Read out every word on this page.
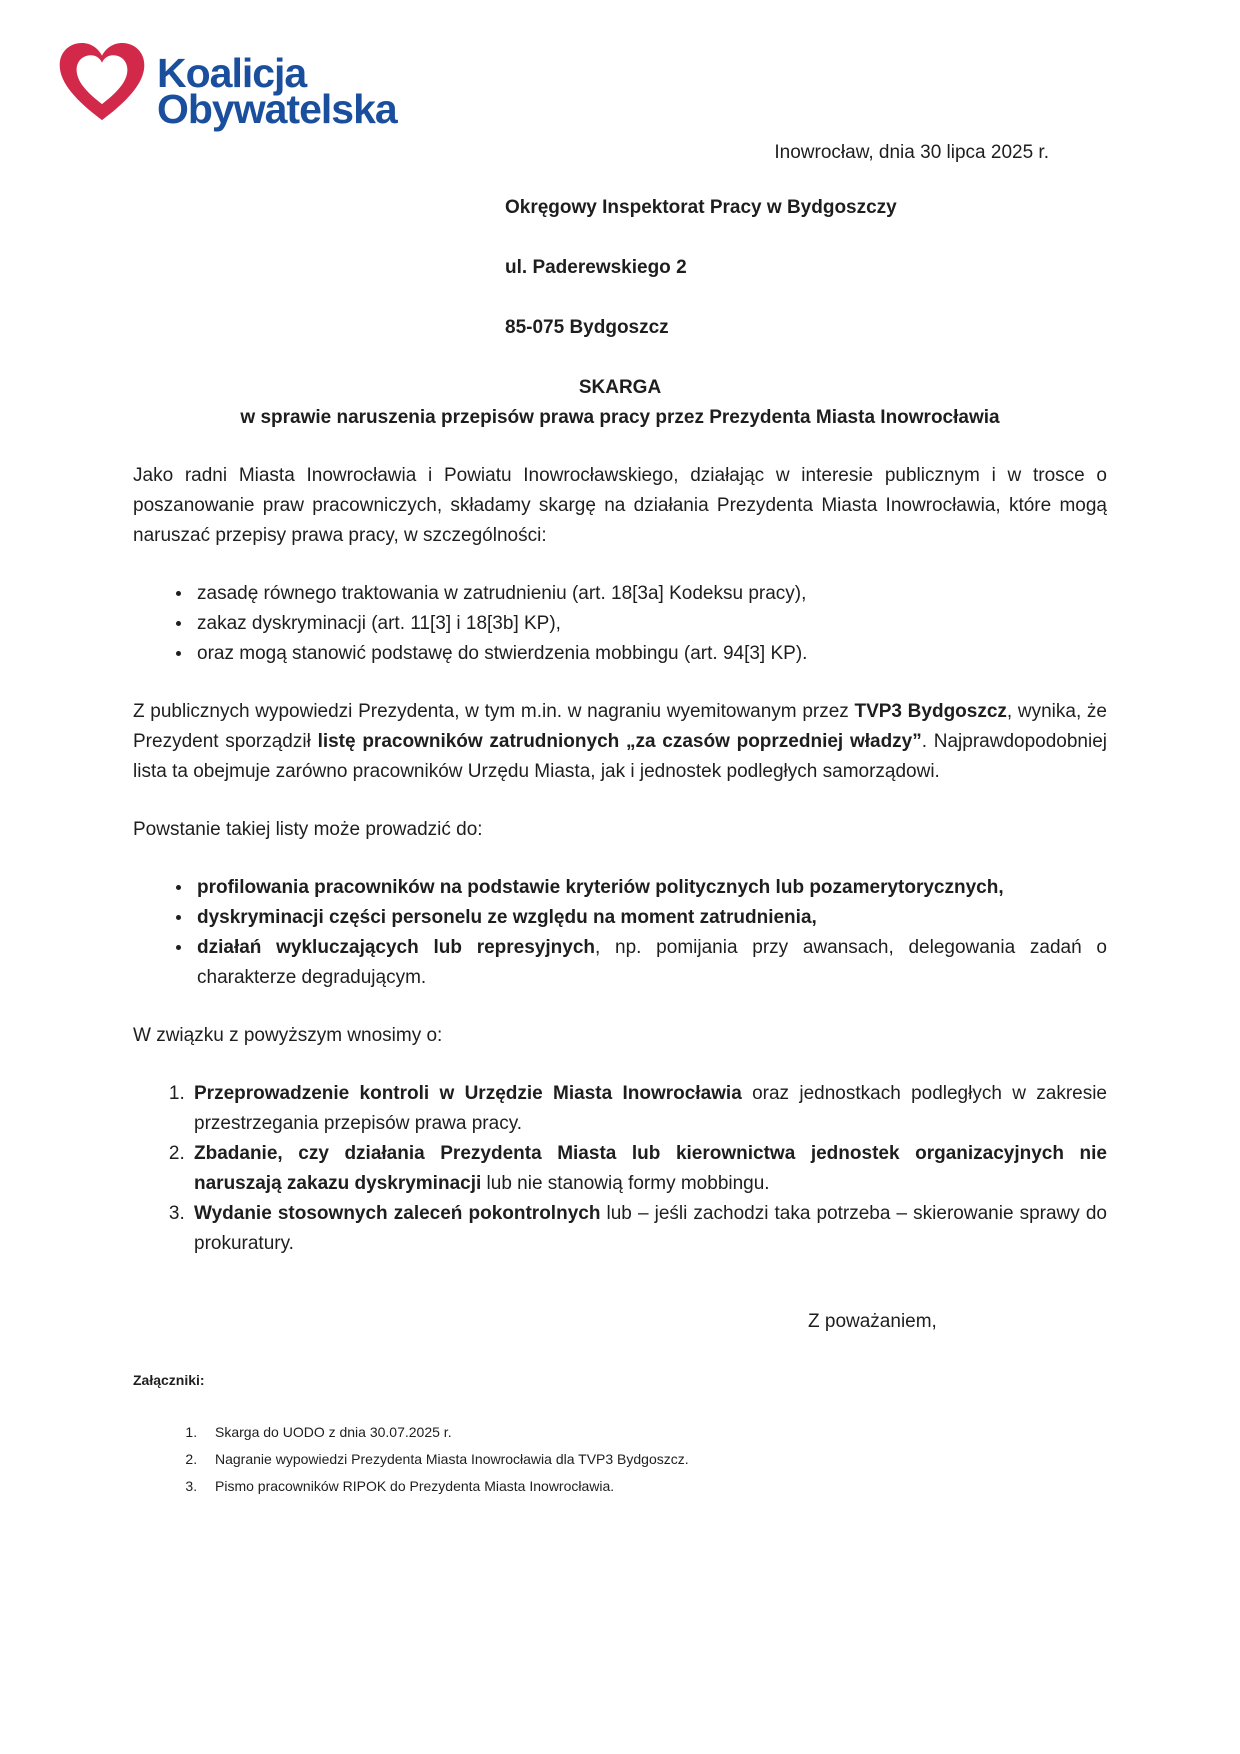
Koalicja
Obywatelska

Inowrocław, dnia 30 lipca 2025 r.

Okręgowy Inspektorat Pracy w Bydgoszczy

ul. Paderewskiego 2

85-075 Bydgoszcz

SKARGA
w sprawie naruszenia przepisów prawa pracy przez Prezydenta Miasta Inowrocławia

Jako radni Miasta Inowrocławia i Powiatu Inowrocławskiego, działając w interesie publicznym i w trosce o poszanowanie praw pracowniczych, składamy skargę na działania Prezydenta Miasta Inowrocławia, które mogą naruszać przepisy prawa pracy, w szczególności:

• zasadę równego traktowania w zatrudnieniu (art. 18[3a] Kodeksu pracy),
• zakaz dyskryminacji (art. 11[3] i 18[3b] KP),
• oraz mogą stanowić podstawę do stwierdzenia mobbingu (art. 94[3] KP).

Z publicznych wypowiedzi Prezydenta, w tym m.in. w nagraniu wyemitowanym przez TVP3 Bydgoszcz, wynika, że Prezydent sporządził listę pracowników zatrudnionych „za czasów poprzedniej władzy”. Najprawdopodobniej lista ta obejmuje zarówno pracowników Urzędu Miasta, jak i jednostek podległych samorządowi.

Powstanie takiej listy może prowadzić do:

• profilowania pracowników na podstawie kryteriów politycznych lub pozamerytorycznych,
• dyskryminacji części personelu ze względu na moment zatrudnienia,
• działań wykluczających lub represyjnych, np. pomijania przy awansach, delegowania zadań o charakterze degradującym.

W związku z powyższym wnosimy o:

1. Przeprowadzenie kontroli w Urzędzie Miasta Inowrocławia oraz jednostkach podległych w zakresie przestrzegania przepisów prawa pracy.
2. Zbadanie, czy działania Prezydenta Miasta lub kierownictwa jednostek organizacyjnych nie naruszają zakazu dyskryminacji lub nie stanowią formy mobbingu.
3. Wydanie stosownych zaleceń pokontrolnych lub – jeśli zachodzi taka potrzeba – skierowanie sprawy do prokuratury.

Z poważaniem,

Załączniki:

1. Skarga do UODO z dnia 30.07.2025 r.
2. Nagranie wypowiedzi Prezydenta Miasta Inowrocławia dla TVP3 Bydgoszcz.
3. Pismo pracowników RIPOK do Prezydenta Miasta Inowrocławia.
